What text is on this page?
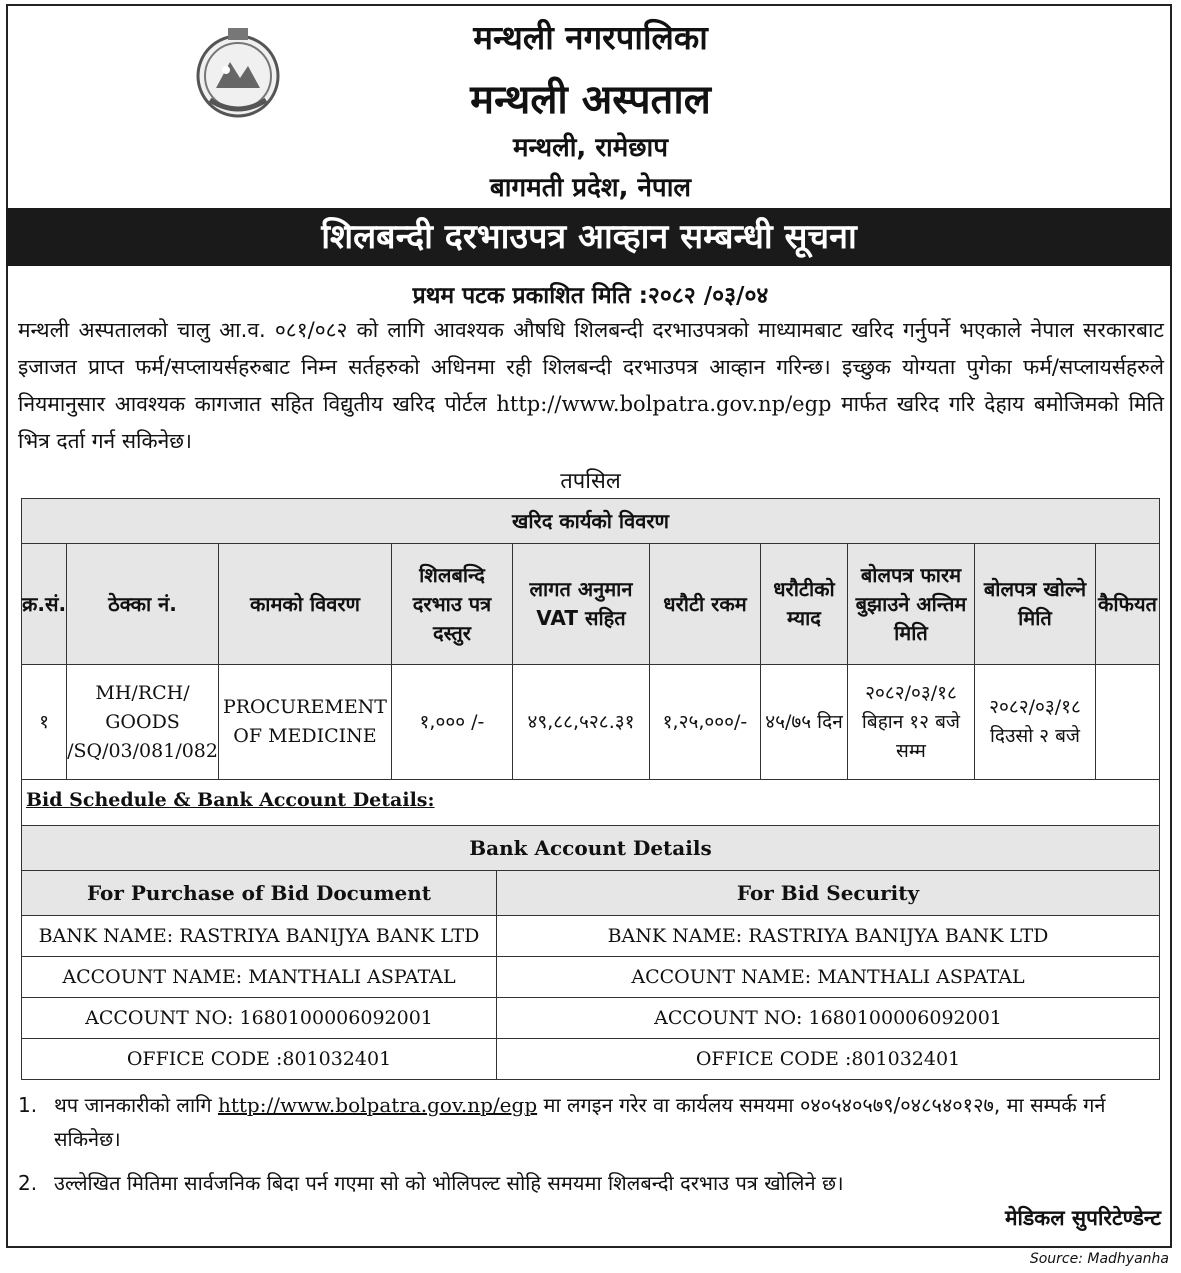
मन्थली नगरपालिका
मन्थली अस्पताल
मन्थली, रामेछाप
बागमती प्रदेश, नेपाल
शिलबन्दी दरभाउपत्र आव्हान सम्बन्धी सूचना
प्रथम पटक प्रकाशित मिति :२०८२ /०३/०४
मन्थली अस्पतालको चालु आ.व. ०८१/०८२ को लागि आवश्यक औषधि शिलबन्दी दरभाउपत्रको माध्यामबाट खरिद गर्नुपर्ने भएकाले नेपाल सरकारबाट इजाजत प्राप्त फर्म/सप्लायर्सहरुबाट निम्न सर्तहरुको अधिनमा रही शिलबन्दी दरभाउपत्र आव्हान गरिन्छ। इच्छुक योग्यता पुगेका फर्म/सप्लायर्सहरुले नियमानुसार आवश्यक कागजात सहित विद्युतीय खरिद पोर्टल http://www.bolpatra.gov.np/egp मार्फत खरिद गरि देहाय बमोजिमको मिति भित्र दर्ता गर्न सकिनेछ।
तपसिल
खरिद कार्यको विवरण									
क्र.सं.	ठेक्का नं.	कामको विवरण	शिलबन्दि दरभाउ पत्र दस्तुर	लागत अनुमान VAT सहित	धरौटी रकम	धरौटीको म्याद	बोलपत्र फारम बुझाउने अन्तिम मिति	बोलपत्र खोल्ने मिति	कैफियत
१	MH/RCH/ GOODS /SQ/03/081/082	PROCUREMENT OF MEDICINE	१,००० /-	४९,८८,५२८.३१	१,२५,०००/-	४५/७५ दिन	२०८२/०३/१८ बिहान १२ बजे सम्म	२०८२/०३/१८ दिउसो २ बजे	
Bid Schedule & Bank Account Details:
Bank Account Details	
For Purchase of Bid Document	For Bid Security
BANK NAME: RASTRIYA BANIJYA BANK LTD	BANK NAME: RASTRIYA BANIJYA BANK LTD
ACCOUNT NAME: MANTHALI ASPATAL	ACCOUNT NAME: MANTHALI ASPATAL
ACCOUNT NO: 1680100006092001	ACCOUNT NO: 1680100006092001
OFFICE CODE :801032401	OFFICE CODE :801032401
1. थप जानकारीको लागि http://www.bolpatra.gov.np/egp मा लगइन गरेर वा कार्यलय समयमा ०४०५४०५७९/०४८५४०१२७, मा सम्पर्क गर्न सकिनेछ।
2. उल्लेखित मितिमा सार्वजनिक बिदा पर्न गएमा सो को भोलिपल्ट सोहि समयमा शिलबन्दी दरभाउ पत्र खोलिने छ।
मेडिकल सुपरिटेण्डेन्ट
Source: Madhyanha
